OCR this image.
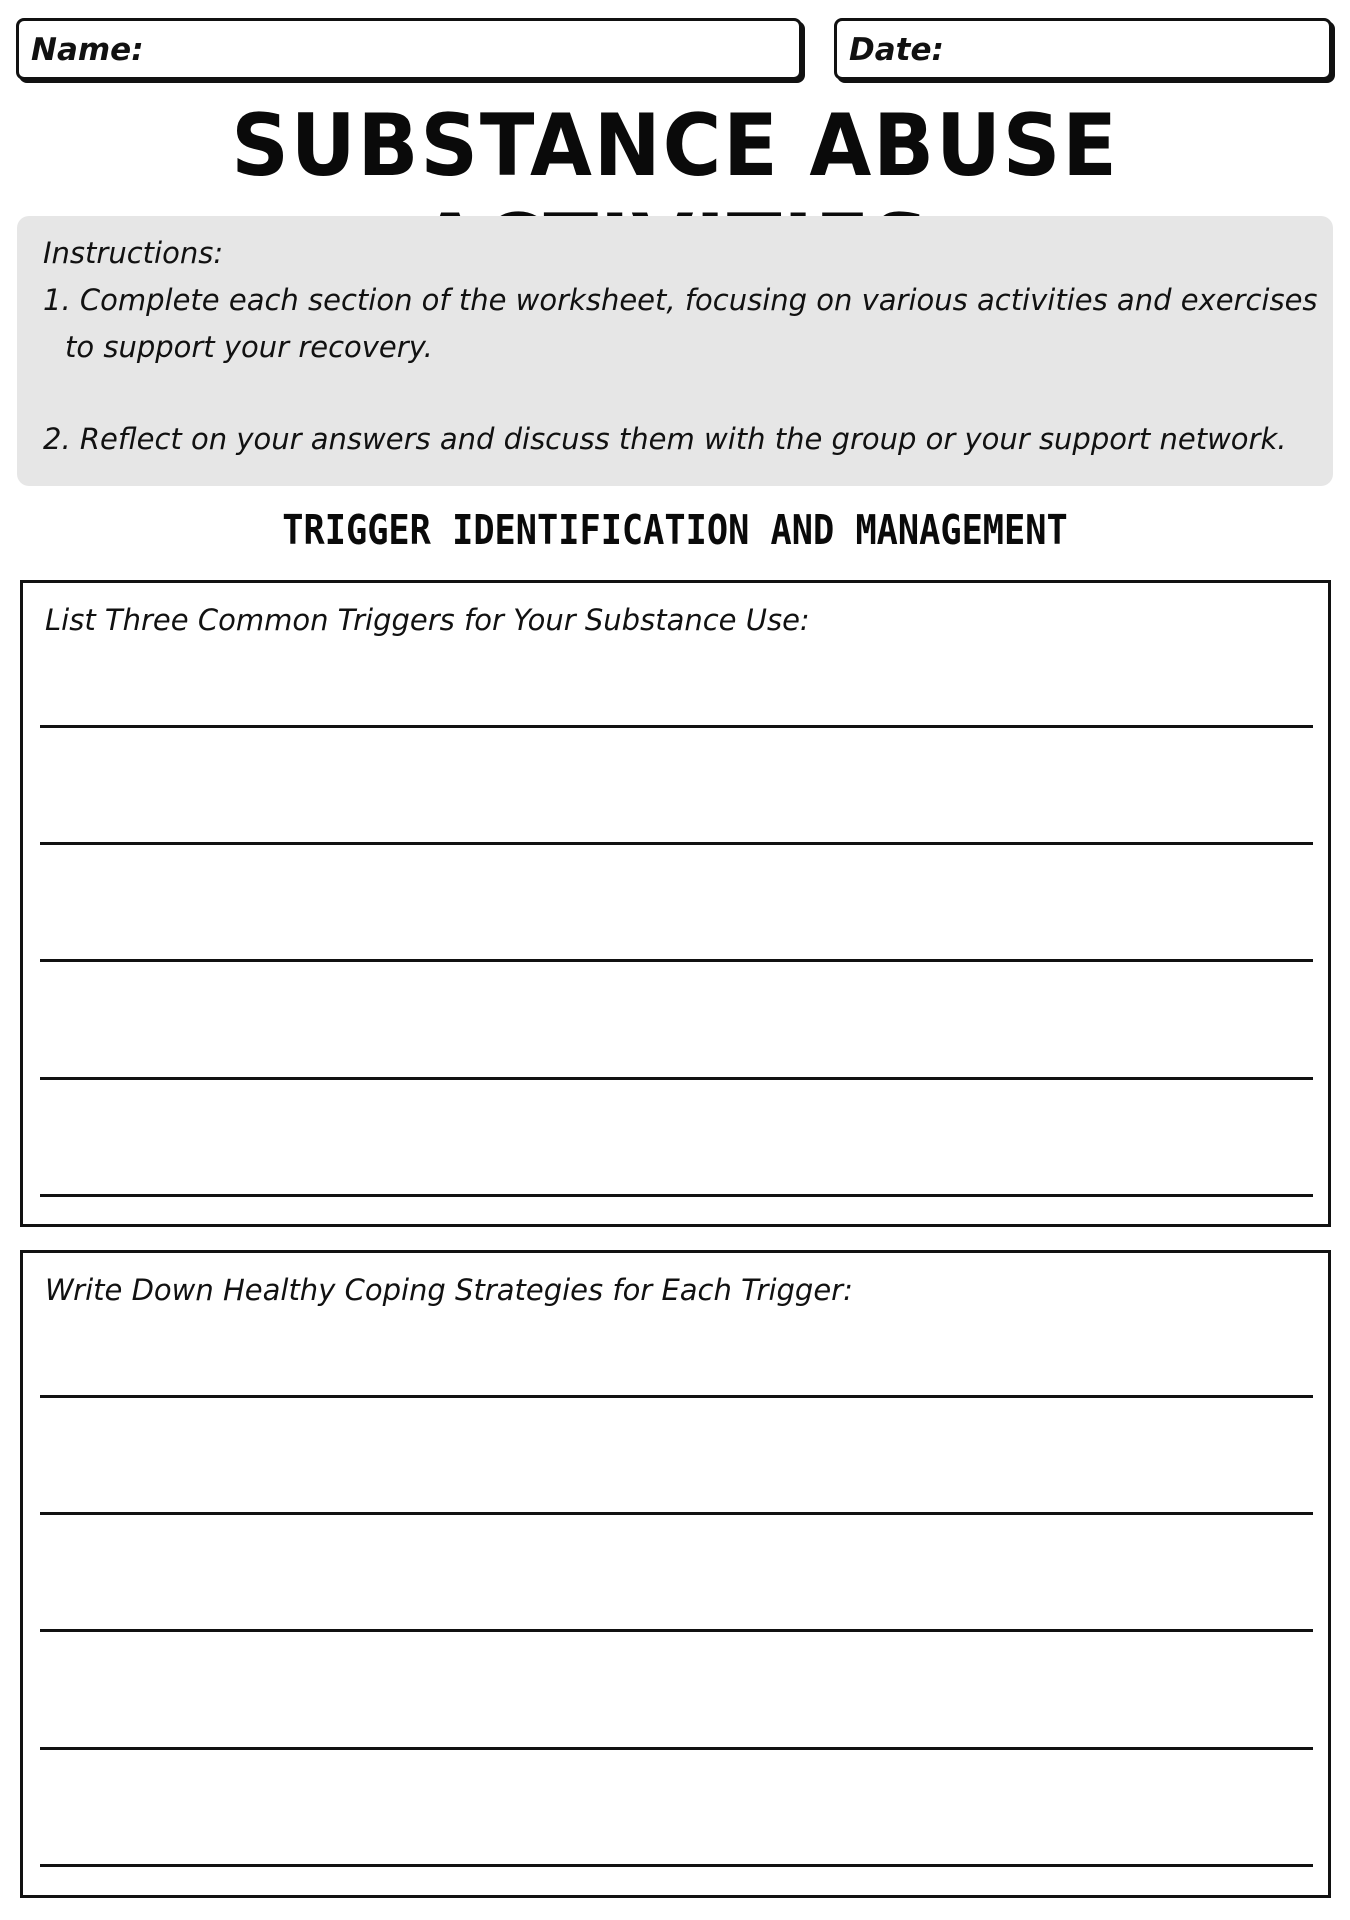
Name:	Date:
SUBSTANCE ABUSE
Instructions:
1. Complete each section of the worksheet, focusing on various activities and exercises
to support your recovery.
2. Reflect on your answers and discuss them with the group or your support network.
TRIGGER IDENTIFICATION AND MANAGEMENT
List Three Common Triggers for Your Substance Use:
Write Down Healthy Coping Strategies for Each Trigger:
